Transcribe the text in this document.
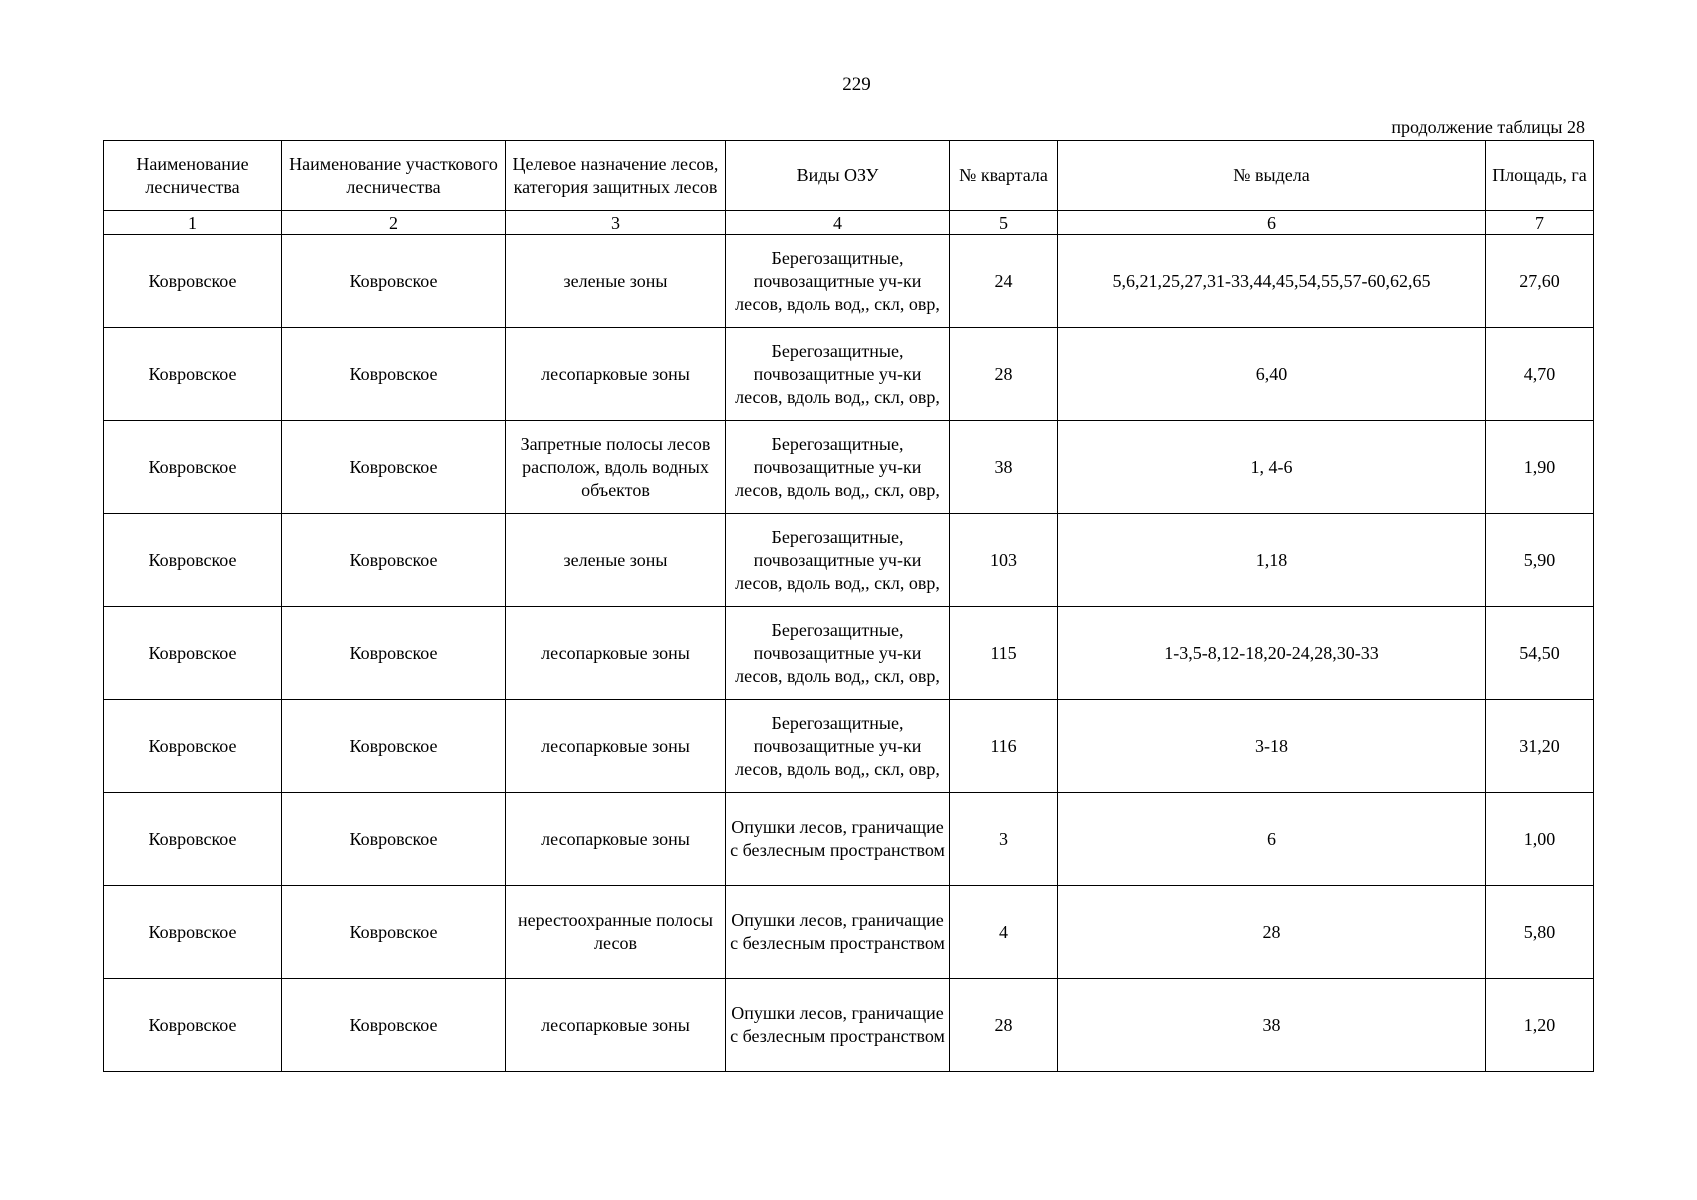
229
продолжение таблицы 28
Наименование лесничества	Наименование участкового лесничества	Целевое назначение лесов, категория защитных лесов	Виды ОЗУ	№ квартала	№ выдела	Площадь, га
1	2	3	4	5	6	7
Ковровское	Ковровское	зеленые зоны	Берегозащитные, почвозащитные уч-ки лесов, вдоль вод,, скл, овр,	24	5,6,21,25,27,31-33,44,45,54,55,57-60,62,65	27,60
Ковровское	Ковровское	лесопарковые зоны	Берегозащитные, почвозащитные уч-ки лесов, вдоль вод,, скл, овр,	28	6,40	4,70
Ковровское	Ковровское	Запретные полосы лесов располож, вдоль водных объектов	Берегозащитные, почвозащитные уч-ки лесов, вдоль вод,, скл, овр,	38	1, 4-6	1,90
Ковровское	Ковровское	зеленые зоны	Берегозащитные, почвозащитные уч-ки лесов, вдоль вод,, скл, овр,	103	1,18	5,90
Ковровское	Ковровское	лесопарковые зоны	Берегозащитные, почвозащитные уч-ки лесов, вдоль вод,, скл, овр,	115	1-3,5-8,12-18,20-24,28,30-33	54,50
Ковровское	Ковровское	лесопарковые зоны	Берегозащитные, почвозащитные уч-ки лесов, вдоль вод,, скл, овр,	116	3-18	31,20
Ковровское	Ковровское	лесопарковые зоны	Опушки лесов, граничащие с безлесным пространством	3	6	1,00
Ковровское	Ковровское	нерестоохранные полосы лесов	Опушки лесов, граничащие с безлесным пространством	4	28	5,80
Ковровское	Ковровское	лесопарковые зоны	Опушки лесов, граничащие с безлесным пространством	28	38	1,20
